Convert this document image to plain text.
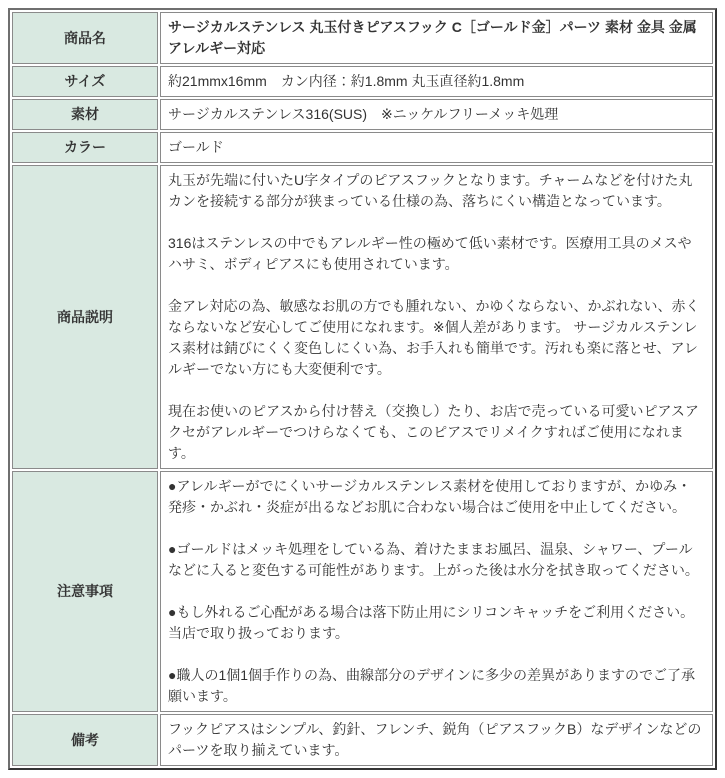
商品名	サージカルステンレス 丸玉付きピアスフック C［ゴールド金］パーツ 素材 金具 金属アレルギー対応

サイズ	約21mmx16mm　カン内径：約1.8mm 丸玉直径約1.8mm

素材	サージカルステンレス316(SUS)　※ニッケルフリーメッキ処理

カラー	ゴールド

商品説明	丸玉が先端に付いたU字タイプのピアスフックとなります。チャームなどを付けた丸カンを接続する部分が狭まっている仕様の為、落ちにくい構造となっています。

316はステンレスの中でもアレルギー性の極めて低い素材です。医療用工具のメスやハサミ、ボディピアスにも使用されています。

金アレ対応の為、敏感なお肌の方でも腫れない、かゆくならない、かぶれない、赤くならないなど安心してご使用になれます。※個人差があります。 サージカルステンレス素材は錆びにくく変色しにくい為、お手入れも簡単です。汚れも楽に落とせ、アレルギーでない方にも大変便利です。

現在お使いのピアスから付け替え（交換し）たり、お店で売っている可愛いピアスアクセがアレルギーでつけらなくても、このピアスでリメイクすればご使用になれます。

注意事項	●アレルギーがでにくいサージカルステンレス素材を使用しておりますが、かゆみ・発疹・かぶれ・炎症が出るなどお肌に合わない場合はご使用を中止してください。

●ゴールドはメッキ処理をしている為、着けたままお風呂、温泉、シャワー、プールなどに入ると変色する可能性があります。上がった後は水分を拭き取ってください。

●もし外れるご心配がある場合は落下防止用にシリコンキャッチをご利用ください。当店で取り扱っております。

●職人の1個1個手作りの為、曲線部分のデザインに多少の差異がありますのでご了承願います。

備考	フックピアスはシンプル、釣針、フレンチ、鋭角（ピアスフックB）なデザインなどのパーツを取り揃えています。
